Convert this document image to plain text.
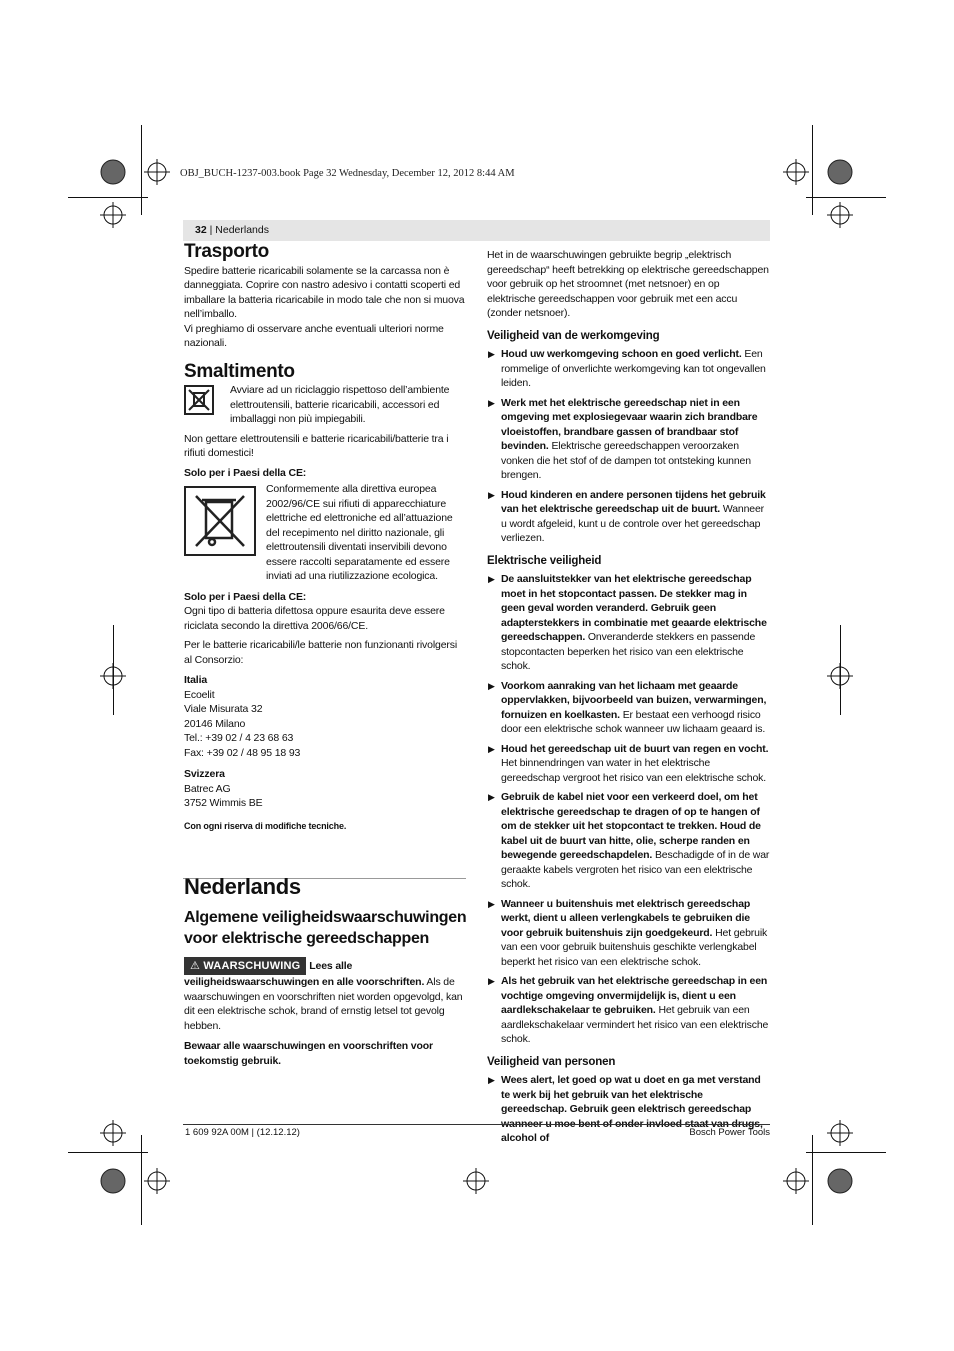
OBJ_BUCH-1237-003.book Page 32 Wednesday, December 12, 2012 8:44 AM
32 | Nederlands
Trasporto

Spedire batterie ricaricabili solamente se la carcassa non è danneggiata. Coprire con nastro adesivo i contatti scoperti ed imballare la batteria ricaricabile in modo tale che non si muova nell’imballo.

Vi preghiamo di osservare anche eventuali ulteriori norme nazionali.

Smaltimento

Avviare ad un riciclaggio rispettoso dell’ambiente elettroutensili, batterie ricaricabili, accessori ed imballaggi non più impiegabili.

Non gettare elettroutensili e batterie ricaricabili/batterie tra i rifiuti domestici!

Solo per i Paesi della CE:

Conformemente alla direttiva europea 2002/96/CE sui rifiuti di apparecchiature elettriche ed elettroniche ed all’attuazione del recepimento nel diritto nazionale, gli elettroutensili diventati inservibili devono essere raccolti separatamente ed essere inviati ad una riutilizzazione ecologica.

Solo per i Paesi della CE:

Ogni tipo di batteria difettosa oppure esaurita deve essere riciclata secondo la direttiva 2006/66/CE.

Per le batterie ricaricabili/le batterie non funzionanti rivolgersi al Consorzio:

Italia
Ecoelit
Viale Misurata 32
20146 Milano
Tel.: +39 02 / 4 23 68 63
Fax: +39 02 / 48 95 18 93
Svizzera
Batrec AG
3752 Wimmis BE
Con ogni riserva di modifiche tecniche.
Nederlands
Algemene veiligheidswaarschuwingen voor elektrische gereedschappen
⚠ WAARSCHUWING Lees alle veiligheidswaarschuwingen en alle voorschriften. Als de waarschuwingen en voorschriften niet worden opgevolgd, kan dit een elektrische schok, brand of ernstig letsel tot gevolg hebben.

Bewaar alle waarschuwingen en voorschriften voor toekomstig gebruik.

Het in de waarschuwingen gebruikte begrip „elektrisch gereedschap“ heeft betrekking op elektrische gereedschappen voor gebruik op het stroomnet (met netsnoer) en op elektrische gereedschappen voor gebruik met een accu (zonder netsnoer).

Veiligheid van de werkomgeving
▶ Houd uw werkomgeving schoon en goed verlicht. Een rommelige of onverlichte werkomgeving kan tot ongevallen leiden.
▶ Werk met het elektrische gereedschap niet in een omgeving met explosiegevaar waarin zich brandbare vloeistoffen, brandbare gassen of brandbaar stof bevinden. Elektrische gereedschappen veroorzaken vonken die het stof of de dampen tot ontsteking kunnen brengen.
▶ Houd kinderen en andere personen tijdens het gebruik van het elektrische gereedschap uit de buurt. Wanneer u wordt afgeleid, kunt u de controle over het gereedschap verliezen.
Elektrische veiligheid
▶ De aansluitstekker van het elektrische gereedschap moet in het stopcontact passen. De stekker mag in geen geval worden veranderd. Gebruik geen adapterstekkers in combinatie met geaarde elektrische gereedschappen. Onveranderde stekkers en passende stopcontacten beperken het risico van een elektrische schok.
▶ Voorkom aanraking van het lichaam met geaarde oppervlakken, bijvoorbeeld van buizen, verwarmingen, fornuizen en koelkasten. Er bestaat een verhoogd risico door een elektrische schok wanneer uw lichaam geaard is.
▶ Houd het gereedschap uit de buurt van regen en vocht. Het binnendringen van water in het elektrische gereedschap vergroot het risico van een elektrische schok.
▶ Gebruik de kabel niet voor een verkeerd doel, om het elektrische gereedschap te dragen of op te hangen of om de stekker uit het stopcontact te trekken. Houd de kabel uit de buurt van hitte, olie, scherpe randen en bewegende gereedschapdelen. Beschadigde of in de war geraakte kabels vergroten het risico van een elektrische schok.
▶ Wanneer u buitenshuis met elektrisch gereedschap werkt, dient u alleen verlengkabels te gebruiken die voor gebruik buitenshuis zijn goedgekeurd. Het gebruik van een voor gebruik buitenshuis geschikte verlengkabel beperkt het risico van een elektrische schok.
▶ Als het gebruik van het elektrische gereedschap in een vochtige omgeving onvermijdelijk is, dient u een aardlekschakelaar te gebruiken. Het gebruik van een aardlekschakelaar vermindert het risico van een elektrische schok.
Veiligheid van personen
▶ Wees alert, let goed op wat u doet en ga met verstand te werk bij het gebruik van het elektrische gereedschap. Gebruik geen elektrisch gereedschap wanneer u moe bent of onder invloed staat van drugs, alcohol of
1 609 92A 00M | (12.12.12)	Bosch Power Tools
